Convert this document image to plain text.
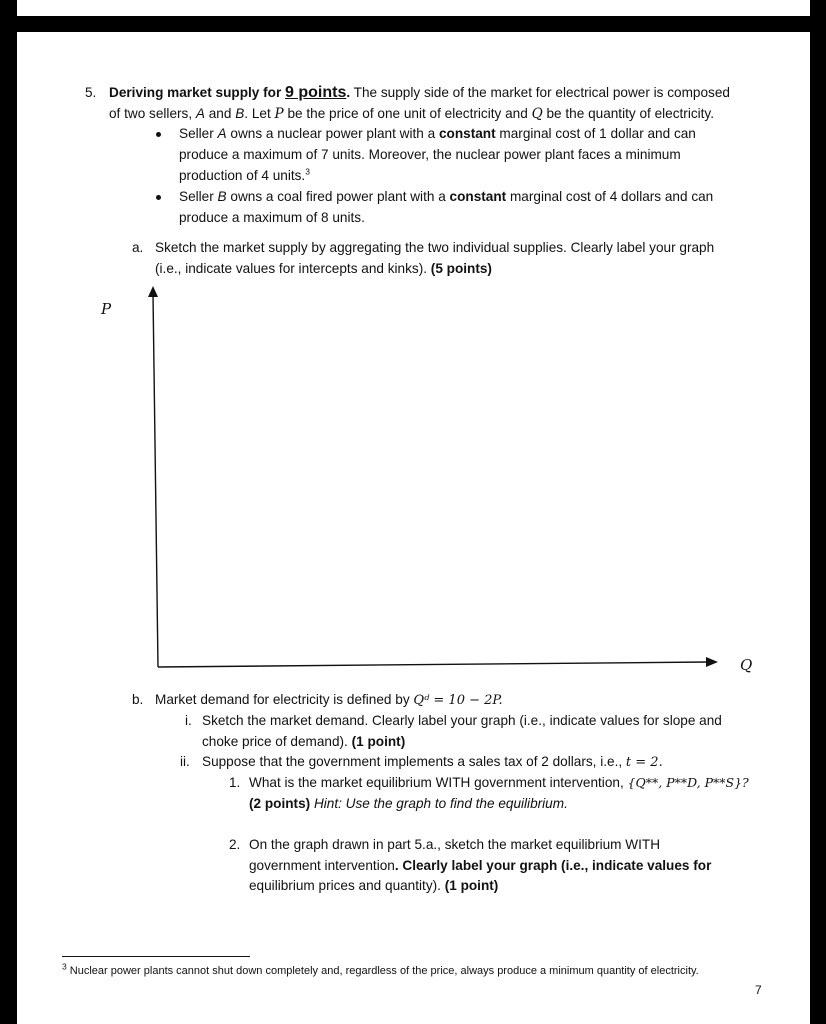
5. Deriving market supply for 9 points. The supply side of the market for electrical power is composed
of two sellers, A and B. Let P be the price of one unit of electricity and Q be the quantity of electricity.
Seller A owns a nuclear power plant with a constant marginal cost of 1 dollar and can
produce a maximum of 7 units. Moreover, the nuclear power plant faces a minimum
production of 4 units.$^3$
Seller B owns a coal fired power plant with a constant marginal cost of 4 dollars and can
produce a maximum of 8 units.
a. Sketch the market supply by aggregating the two individual supplies. Clearly label your graph
(i.e., indicate values for intercepts and kinks). (5 points)
P
Q
b. Market demand for electricity is defined by Qᵈ = 10 − 2P.
i. Sketch the market demand. Clearly label your graph (i.e., indicate values for slope and
choke price of demand). (1 point)
ii. Suppose that the government implements a sales tax of 2 dollars, i.e., t = 2.
1. What is the market equilibrium WITH government intervention, {Q**, P**D, P**S}?
(2 points) Hint: Use the graph to find the equilibrium.
2. On the graph drawn in part 5.a., sketch the market equilibrium WITH
government intervention. Clearly label your graph (i.e., indicate values for
equilibrium prices and quantity). (1 point)
$^3$ Nuclear power plants cannot shut down completely and, regardless of the price, always produce a minimum quantity of electricity.
7
